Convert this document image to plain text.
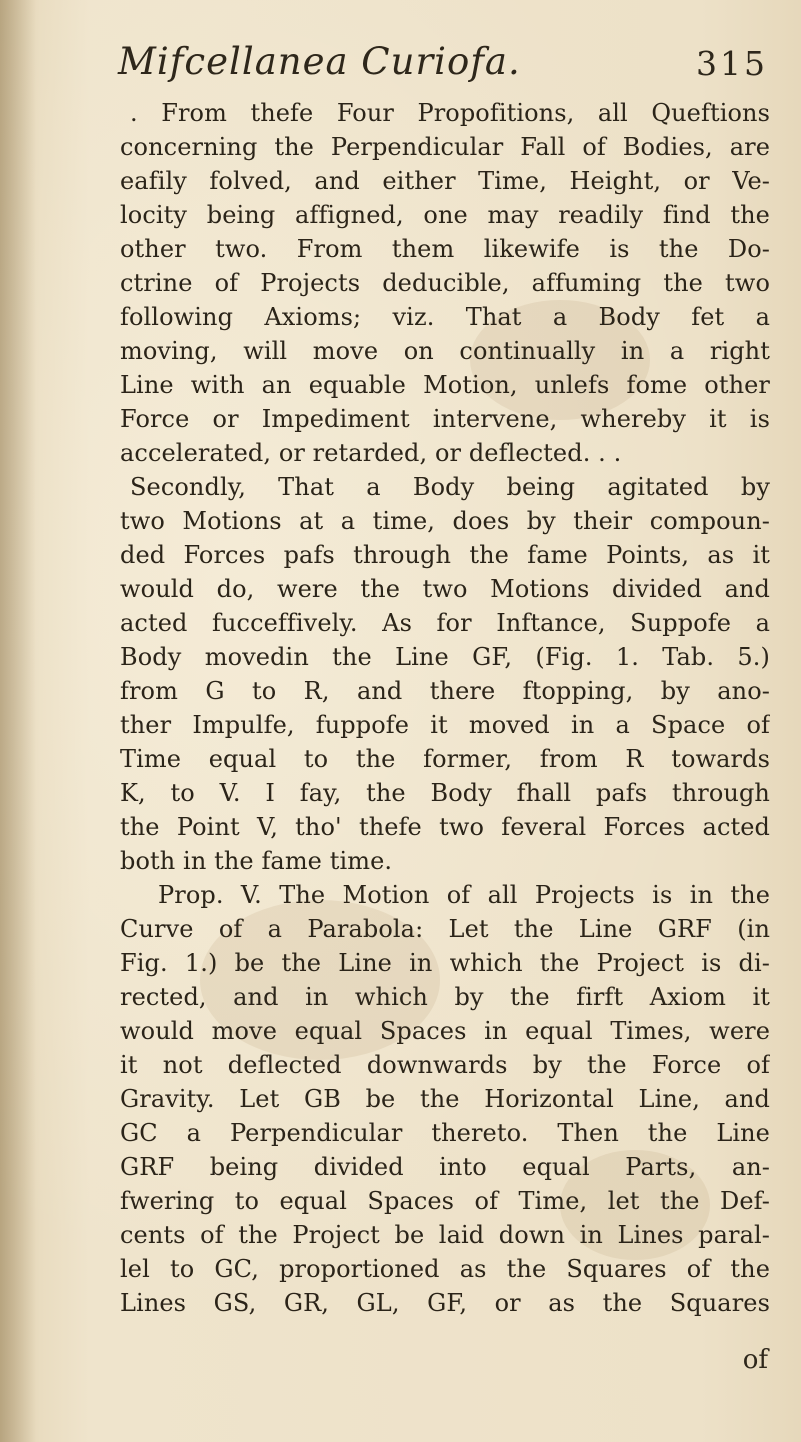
Mifcellanea Curiofa.	315
. From thefe Four Propofitions, all Queftions
concerning the Perpendicular Fall of Bodies, are
eafily folved, and either Time, Height, or Ve-
locity being affigned, one may readily find the
other two. From them likewife is the Do-
ctrine of Projects deducible, affuming the two
following Axioms; viz. That a Body fet a
moving, will move on continually in a right
Line with an equable Motion, unlefs fome other
Force or Impediment intervene, whereby it is
accelerated, or retarded, or deflected. . .
Secondly, That a Body being agitated by
two Motions at a time, does by their compoun-
ded Forces pafs through the fame Points, as it
would do, were the two Motions divided and
acted fucceffively. As for Inftance, Suppofe a
Body movedin the Line GF, (Fig. 1. Tab. 5.)
from G to R, and there ftopping, by ano-
ther Impulfe, fuppofe it moved in a Space of
Time equal to the former, from R towards
K, to V. I fay, the Body fhall pafs through
the Point V, tho' thefe two feveral Forces acted
both in the fame time.
Prop. V. The Motion of all Projects is in the
Curve of a Parabola: Let the Line GRF (in
Fig. 1.) be the Line in which the Project is di-
rected, and in which by the firft Axiom it
would move equal Spaces in equal Times, were
it not deflected downwards by the Force of
Gravity. Let GB be the Horizontal Line, and
GC a Perpendicular thereto. Then the Line
GRF being divided into equal Parts, an-
fwering to equal Spaces of Time, let the Def-
cents of the Project be laid down in Lines paral-
lel to GC, proportioned as the Squares of the
Lines GS, GR, GL, GF, or as the Squares
of
